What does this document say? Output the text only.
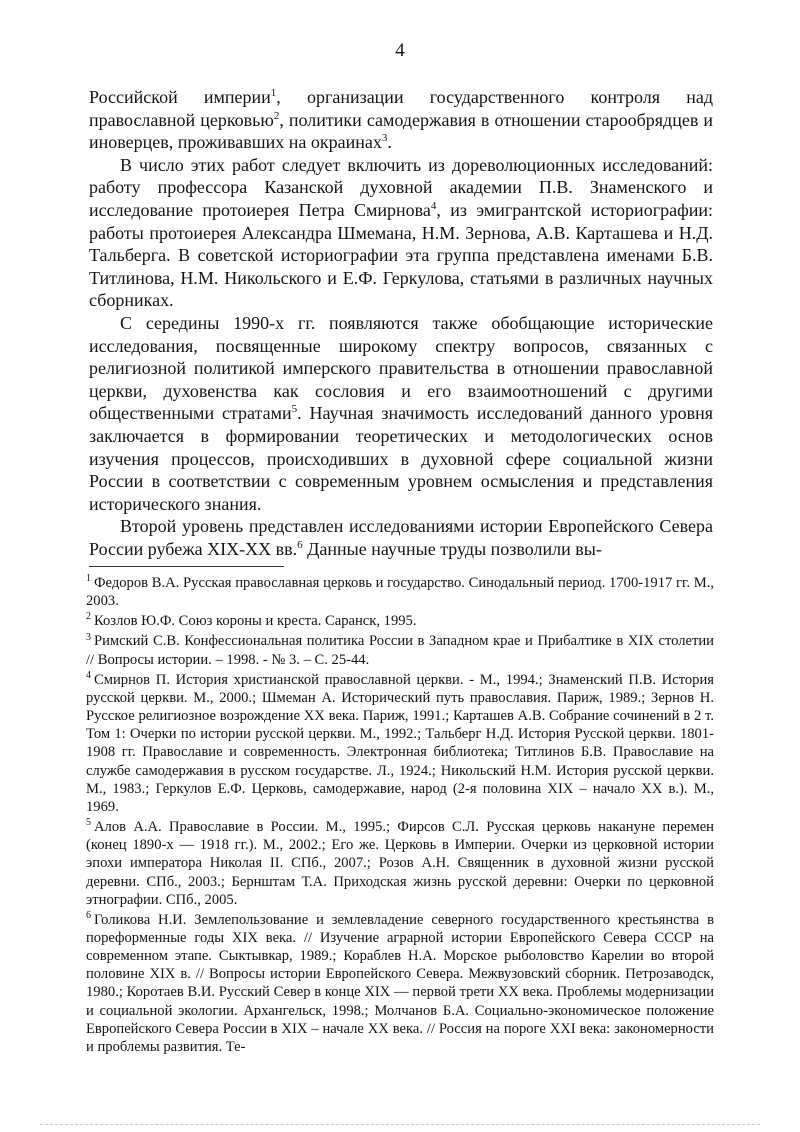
4

Российской империи$^1$, организации государственного контроля над православной церковью$^2$, политики самодержавия в отношении старообрядцев и иноверцев, проживавших на окраинах$^3$.

В число этих работ следует включить из дореволюционных исследований: работу профессора Казанской духовной академии П.В. Знаменского и исследование протоиерея Петра Смирнова$^4$, из эмигрантской историографии: работы протоиерея Александра Шмемана, Н.М. Зернова, А.В. Карташева и Н.Д. Тальберга. В советской историографии эта группа представлена именами Б.В. Титлинова, Н.М. Никольского и Е.Ф. Геркулова, статьями в различных научных сборниках.

С середины 1990-х гг. появляются также обобщающие исторические исследования, посвященные широкому спектру вопросов, связанных с религиозной политикой имперского правительства в отношении православной церкви, духовенства как сословия и его взаимоотношений с другими общественными стратами$^5$. Научная значимость исследований данного уровня заключается в формировании теоретических и методологических основ изучения процессов, происходивших в духовной сфере социальной жизни России в соответствии с современным уровнем осмысления и представления исторического знания.

Второй уровень представлен исследованиями истории Европейского Севера России рубежа XIX-XX вв.$^6$ Данные научные труды позволили вы-

$^1$ Федоров В.А. Русская православная церковь и государство. Синодальный период. 1700-1917 гг. М., 2003.

$^2$ Козлов Ю.Ф. Союз короны и креста. Саранск, 1995.

$^3$ Римский С.В. Конфессиональная политика России в Западном крае и Прибалтике в XIX столетии // Вопросы истории. – 1998. - № 3. – С. 25-44.

$^4$ Смирнов П. История христианской православной церкви. - М., 1994.; Знаменский П.В. История русской церкви. М., 2000.; Шмеман А. Исторический путь православия. Париж, 1989.; Зернов Н. Русское религиозное возрождение XX века. Париж, 1991.; Карташев А.В. Собрание сочинений в 2 т. Том 1: Очерки по истории русской церкви. М., 1992.; Тальберг Н.Д. История Русской церкви. 1801-1908 гг. Православие и современность. Электронная библиотека; Титлинов Б.В. Православие на службе самодержавия в русском государстве. Л., 1924.; Никольский Н.М. История русской церкви. М., 1983.; Геркулов Е.Ф. Церковь, самодержавие, народ (2-я половина XIX – начало XX в.). М., 1969.

$^5$ Алов А.А. Православие в России. М., 1995.; Фирсов С.Л. Русская церковь накануне перемен (конец 1890-х — 1918 гг.). М., 2002.; Его же. Церковь в Империи. Очерки из церковной истории эпохи императора Николая II. СПб., 2007.; Розов А.Н. Священник в духовной жизни русской деревни. СПб., 2003.; Бернштам Т.А. Приходская жизнь русской деревни: Очерки по церковной этнографии. СПб., 2005.

$^6$ Голикова Н.И. Землепользование и землевладение северного государственного крестьянства в пореформенные годы XIX века. // Изучение аграрной истории Европейского Севера СССР на современном этапе. Сыктывкар, 1989.; Кораблев Н.А. Морское рыболовство Карелии во второй половине XIX в. // Вопросы истории Европейского Севера. Межвузовский сборник. Петрозаводск, 1980.; Коротаев В.И. Русский Север в конце XIX — первой трети XX века. Проблемы модернизации и социальной экологии. Архангельск, 1998.; Молчанов Б.А. Социально-экономическое положение Европейского Севера России в XIX – начале XX века. // Россия на пороге XXI века: закономерности и проблемы развития. Те-
